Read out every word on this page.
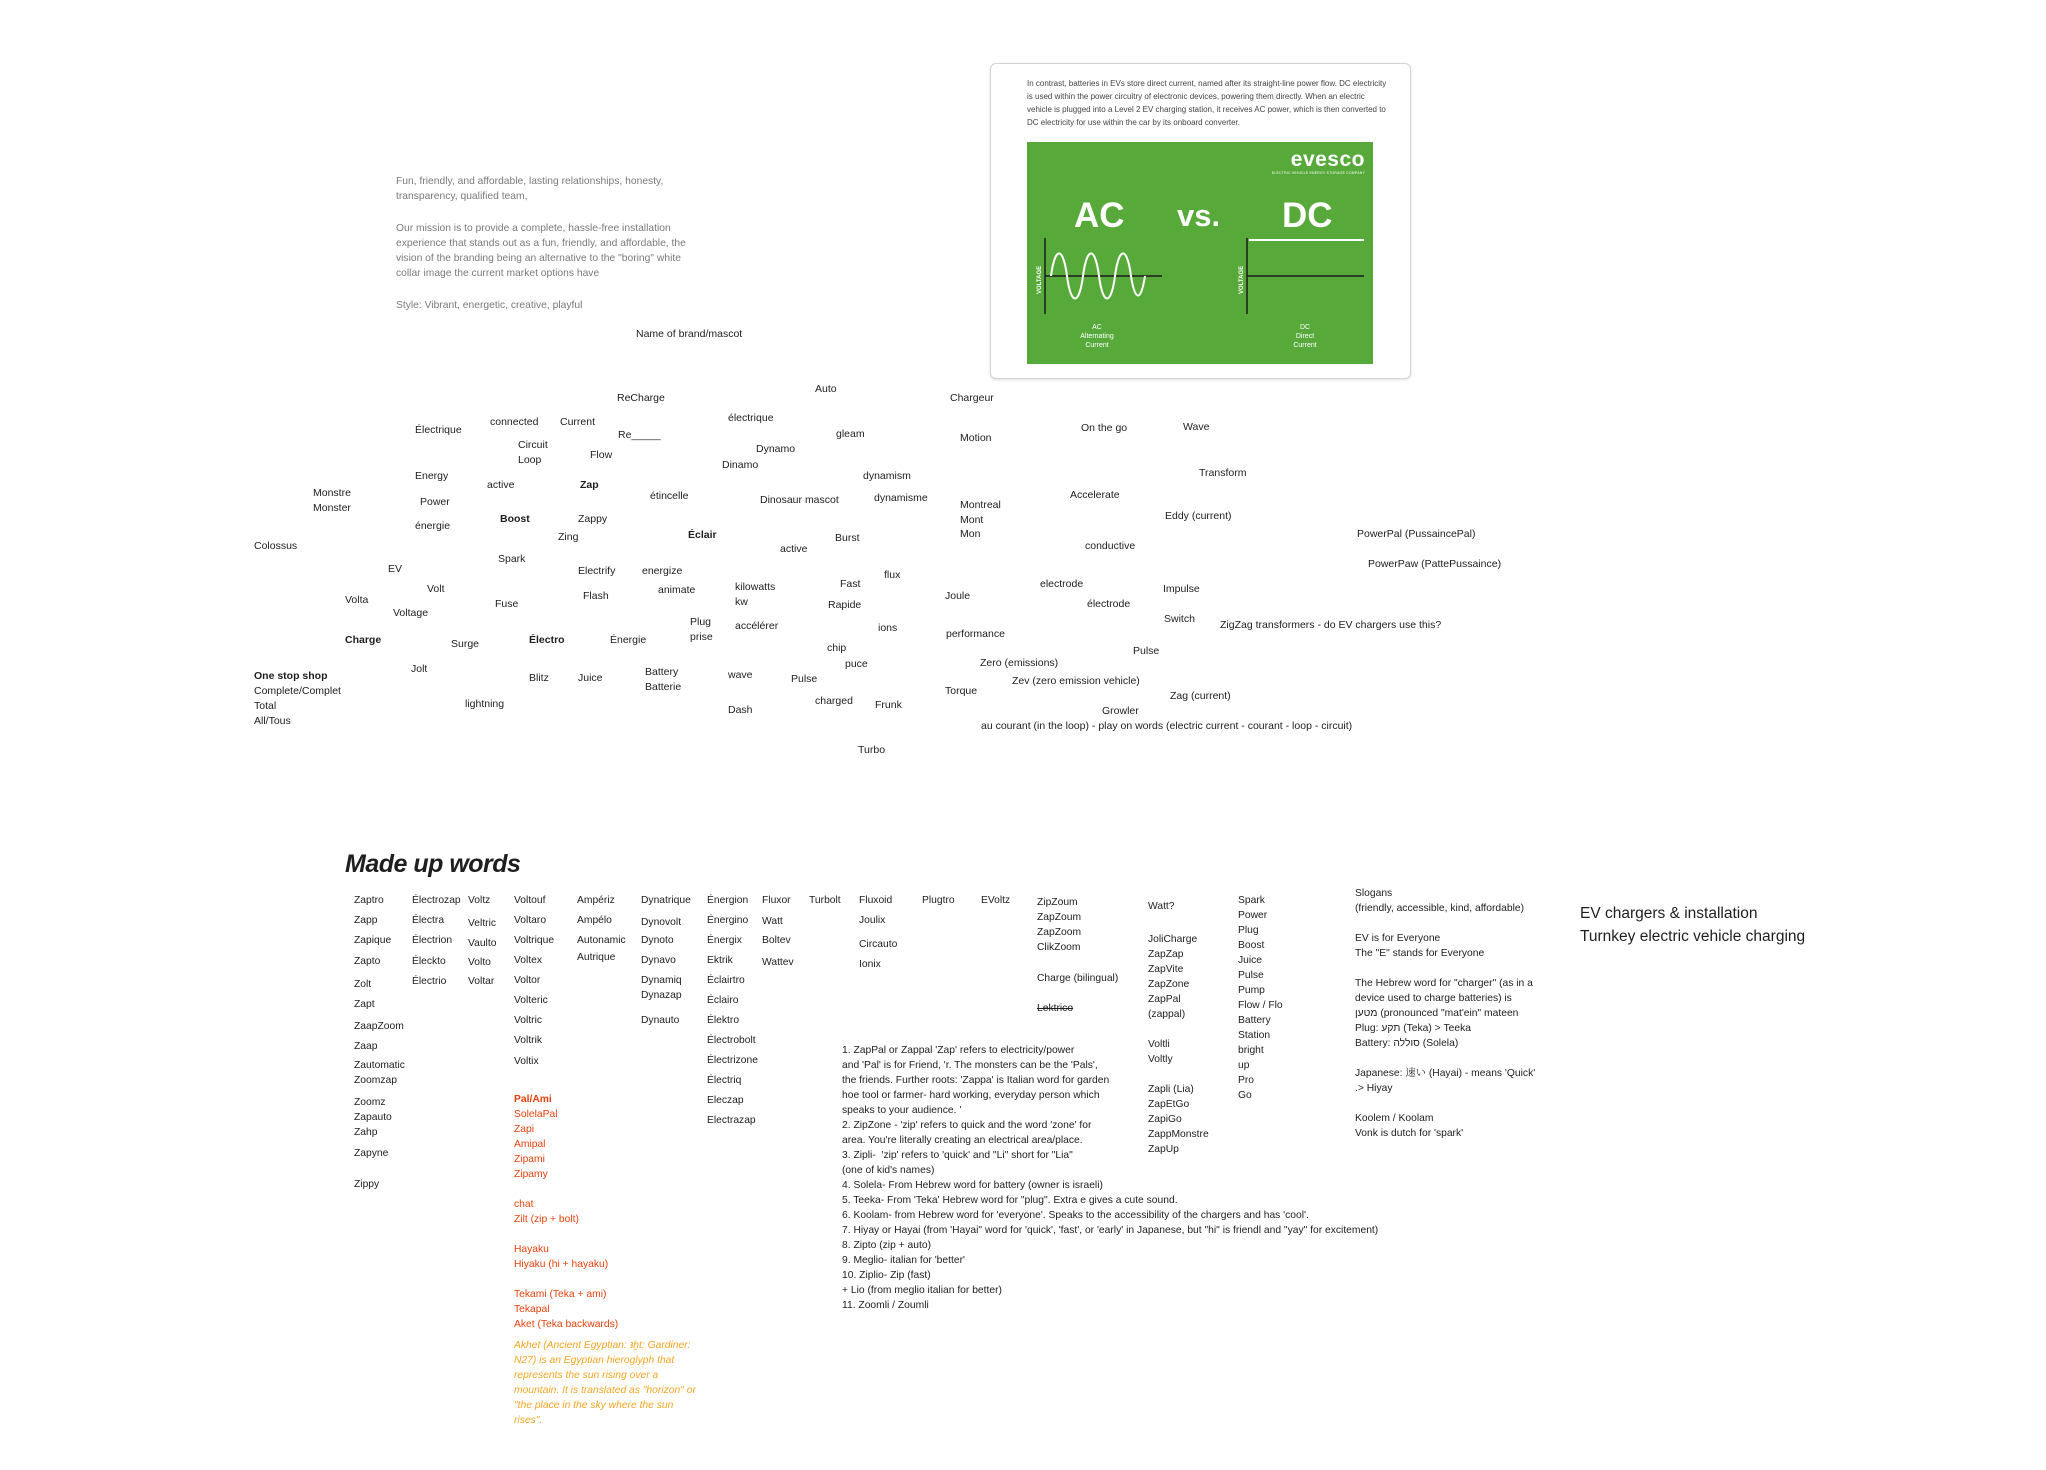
Fun, friendly, and affordable, lasting relationships, honesty, transparency, qualified team,

Our mission is to provide a complete, hassle-free installation experience that stands out as a fun, friendly, and affordable, the vision of the branding being an alternative to the "boring" white collar image the current market options have

Style: Vibrant, energetic, creative, playful

Name of brand/mascot
Auto
ReCharge	Chargeur
électrique
Électrique
connected Current
Re_____	gleam	Motion
On the go	Wave
Circuit
Loop	Flow	Dynamo
Dinamo
Transform
Energy
active	Zap
dynamism
dynamisme
Monstre
Monster	Power	étincelle	Dinosaur mascot	Montreal
Mont
Mon
Accelerate
énergie
Boost	Zappy	Eddy (current)
Zing	Éclair	Burst
active	conductive
PowerPal (PussaincePal)
Colossus
Spark	PowerPaw (PattePussaince)
EV	Electrify	energize	flux
Volt	animate	kilowatts
kw
Fast	electrode	Impulse
Volta	Flash	Joule
électrode
Voltage
Fuse	Rapide
Switch
ions
Plug
prise
accélérer	ZigZag transformers - do EV chargers use this?
performance
Charge	Électro	Énergie
Surge	chip	Pulse
puce	Zero (emissions)
One stop shop
Jolt	Battery
Batterie
Complete/Complet
Blitz	Juice	wave	Pulse	Zev (zero emission vehicle)
Total
Torque
Frunk
charged
All/Tous
lightning
Zag (current)
Dash	Growler
au courant (in the loop) - play on words (electric current - courant - loop - circuit)
Turbo
Made up words
Zaptro
Zapp
Zapique
Zapto
Zolt
Zapt
ZaapZoom
Zaap
Zautomatic
Zoomzap
Zoomz
Zapauto
Zahp
Zapyne
Zippy
Électrozap
Électra
Électrion
Éleckto
Électrio
Voltz
Veltric
Vaulto
Volto
Voltar
Voltouf
Voltaro
Voltrique
Voltex
Voltor
Volteric
Voltric
Voltrik
Voltix
Ampériz
Ampélo
Autonamic
Autrique
Dynatrique
Dynovolt
Dynoto
Dynavo
Dynamiq
Dynazap
Dynauto
Énergion
Énergino
Énergix
Ektrik
Éclairtro
Éclairo
Élektro
Électrobolt
Électrizone
Électriq
Eleczap
Electrazap
Fluxor
Watt
Boltev
Wattev
Turbolt Fluxoid
Joulix
Circauto
Ionix
Plugtro	EVoltz	ZipZoum
ZapZoum
ZapZoom
ClikZoom
Charge (bilingual)
Lektrico
Watt?
JoliCharge
ZapZap
ZapVite
ZapZone
ZapPal
(zappal)
Voltli
Voltly
Zapli (Lia)
ZapEtGo
ZapiGo
ZappMonstre
ZapUp
Spark
Power
Plug
Boost
Juice
Pulse
Pump
Flow / Flo
Battery
Station
bright
up
Pro
Go
Pal/Ami
SolelaPal
Zapi
Amipal
Zipami
Zipamy
chat
Zilt (zip + bolt)
Hayaku
Hiyaku (hi + hayaku)
Tekami (Teka + ami)
Tekapal
Aket (Teka backwards)
Akhet (Ancient Egyptian: ꜣḫt; Gardiner: N27) is an Egyptian hieroglyph that represents the sun rising over a mountain. It is translated as "horizon" or "the place in the sky where the sun rises".
1. ZapPal or Zappal 'Zap' refers to electricity/power
and 'Pal' is for Friend, 'r. The monsters can be the 'Pals',
the friends. Further roots: 'Zappa' is Italian word for garden
hoe tool or farmer- hard working, everyday person which
speaks to your audience. '
2. ZipZone - 'zip' refers to quick and the word 'zone' for
area. You're literally creating an electrical area/place.
3. Zipli-  'zip' refers to 'quick' and "Li" short for "Lia"
(one of kid's names)
4. Solela- From Hebrew word for battery (owner is israeli)
5. Teeka- From 'Teka' Hebrew word for "plug". Extra e gives a cute sound.
6. Koolam- from Hebrew word for 'everyone'. Speaks to the accessibility of the chargers and has 'cool'.
7. Hiyay or Hayai (from 'Hayai" word for 'quick', 'fast', or 'early' in Japanese, but "hi" is friendl and "yay" for excitement)
8. Zipto (zip + auto)
9. Meglio- italian for 'better'
10. Ziplio- Zip (fast)
+ Lio (from meglio italian for better)
11. Zoomli / Zoumli
Slogans
(friendly, accessible, kind, affordable)
EV is for Everyone
The "E" stands for Everyone
The Hebrew word for "charger" (as in a
device used to charge batteries) is
מטען (pronounced "mat'ein" mateen
Plug: תקע (Teka) > Teeka
Battery: סוללה (Solela)
Japanese: 速い (Hayai) - means 'Quick'
.> Hiyay
Koolem / Koolam
Vonk is dutch for 'spark'
EV chargers & installation
Turnkey electric vehicle charging
In contrast, batteries in EVs store direct current, named after its straight-line power flow. DC electricity is used within the power circuitry of electronic devices, powering them directly. When an electric vehicle is plugged into a Level 2 EV charging station, it receives AC power, which is then converted to DC electricity for use within the car by its onboard converter.
evesco
ELECTRIC VEHICLE ENERGY STORAGE COMPANY
AC vs. DC
VOLTAGE	VOLTAGE
AC
Alternating
Current
DC
Direct
Current
